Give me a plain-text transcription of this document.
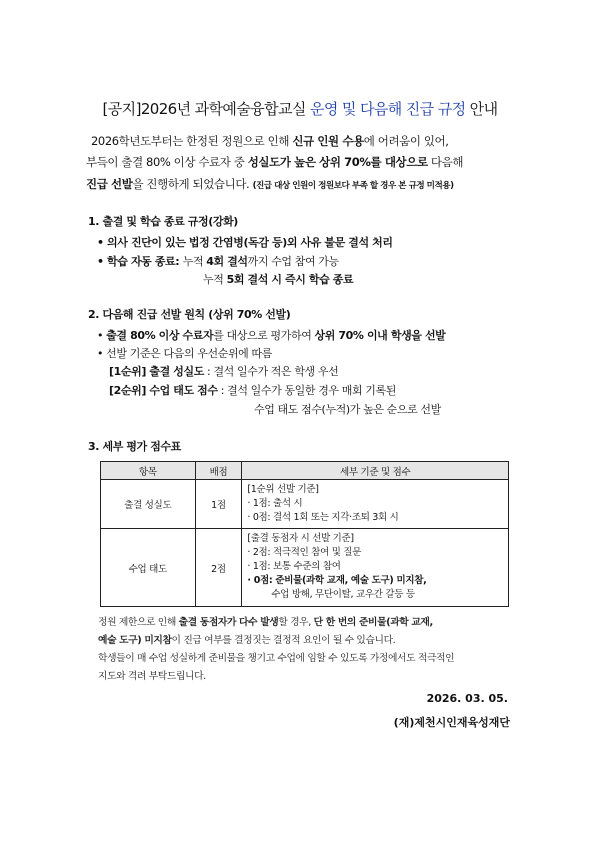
[공지]2026년 과학예술융합교실 운영 및 다음해 진급 규정 안내
2026학년도부터는 한정된 정원으로 인해 신규 인원 수용에 어려움이 있어,
부득이 출결 80% 이상 수료자 중 성실도가 높은 상위 70%를 대상으로 다음해
진급 선발을 진행하게 되었습니다. (진급 대상 인원이 정원보다 부족 할 경우 본 규정 미적용)
1. 출결 및 학습 종료 규정(강화)
• 의사 진단이 있는 법정 간염병(독감 등)외 사유 불문 결석 처리
• 학습 자동 종료: 누적 4회 결석까지 수업 참여 가능
누적 5회 결석 시 즉시 학습 종료
2. 다음해 진급 선발 원칙 (상위 70% 선발)
• 출결 80% 이상 수료자를 대상으로 평가하여 상위 70% 이내 학생을 선발
• 선발 기준은 다음의 우선순위에 따름
[1순위] 출결 성실도 : 결석 일수가 적은 학생 우선
[2순위] 수업 태도 점수 : 결석 일수가 동일한 경우 매회 기록된
수업 태도 점수(누적)가 높은 순으로 선발
3. 세부 평가 점수표
항목	배점	세부 기준 및 점수
출결 성실도	1점	[1순위 선발 기준]
· 1점: 출석 시
· 0점: 결석 1회 또는 지각·조퇴 3회 시

수업 태도	2점	[출결 동점자 시 선발 기준]
· 2점: 적극적인 참여 및 질문
· 1점: 보통 수준의 참여
· 0점: 준비물(과학 교재, 예술 도구) 미지참,
수업 방해, 무단이탈, 교우간 갈등 등
정원 제한으로 인해 출결 동점자가 다수 발생할 경우, 단 한 번의 준비물(과학 교재,
예술 도구) 미지참이 진급 여부를 결정짓는 결정적 요인이 될 수 있습니다.
학생들이 매 수업 성실하게 준비물을 챙기고 수업에 임할 수 있도록 가정에서도 적극적인
지도와 격려 부탁드립니다.
2026. 03. 05.
(재)제천시인재육성재단
